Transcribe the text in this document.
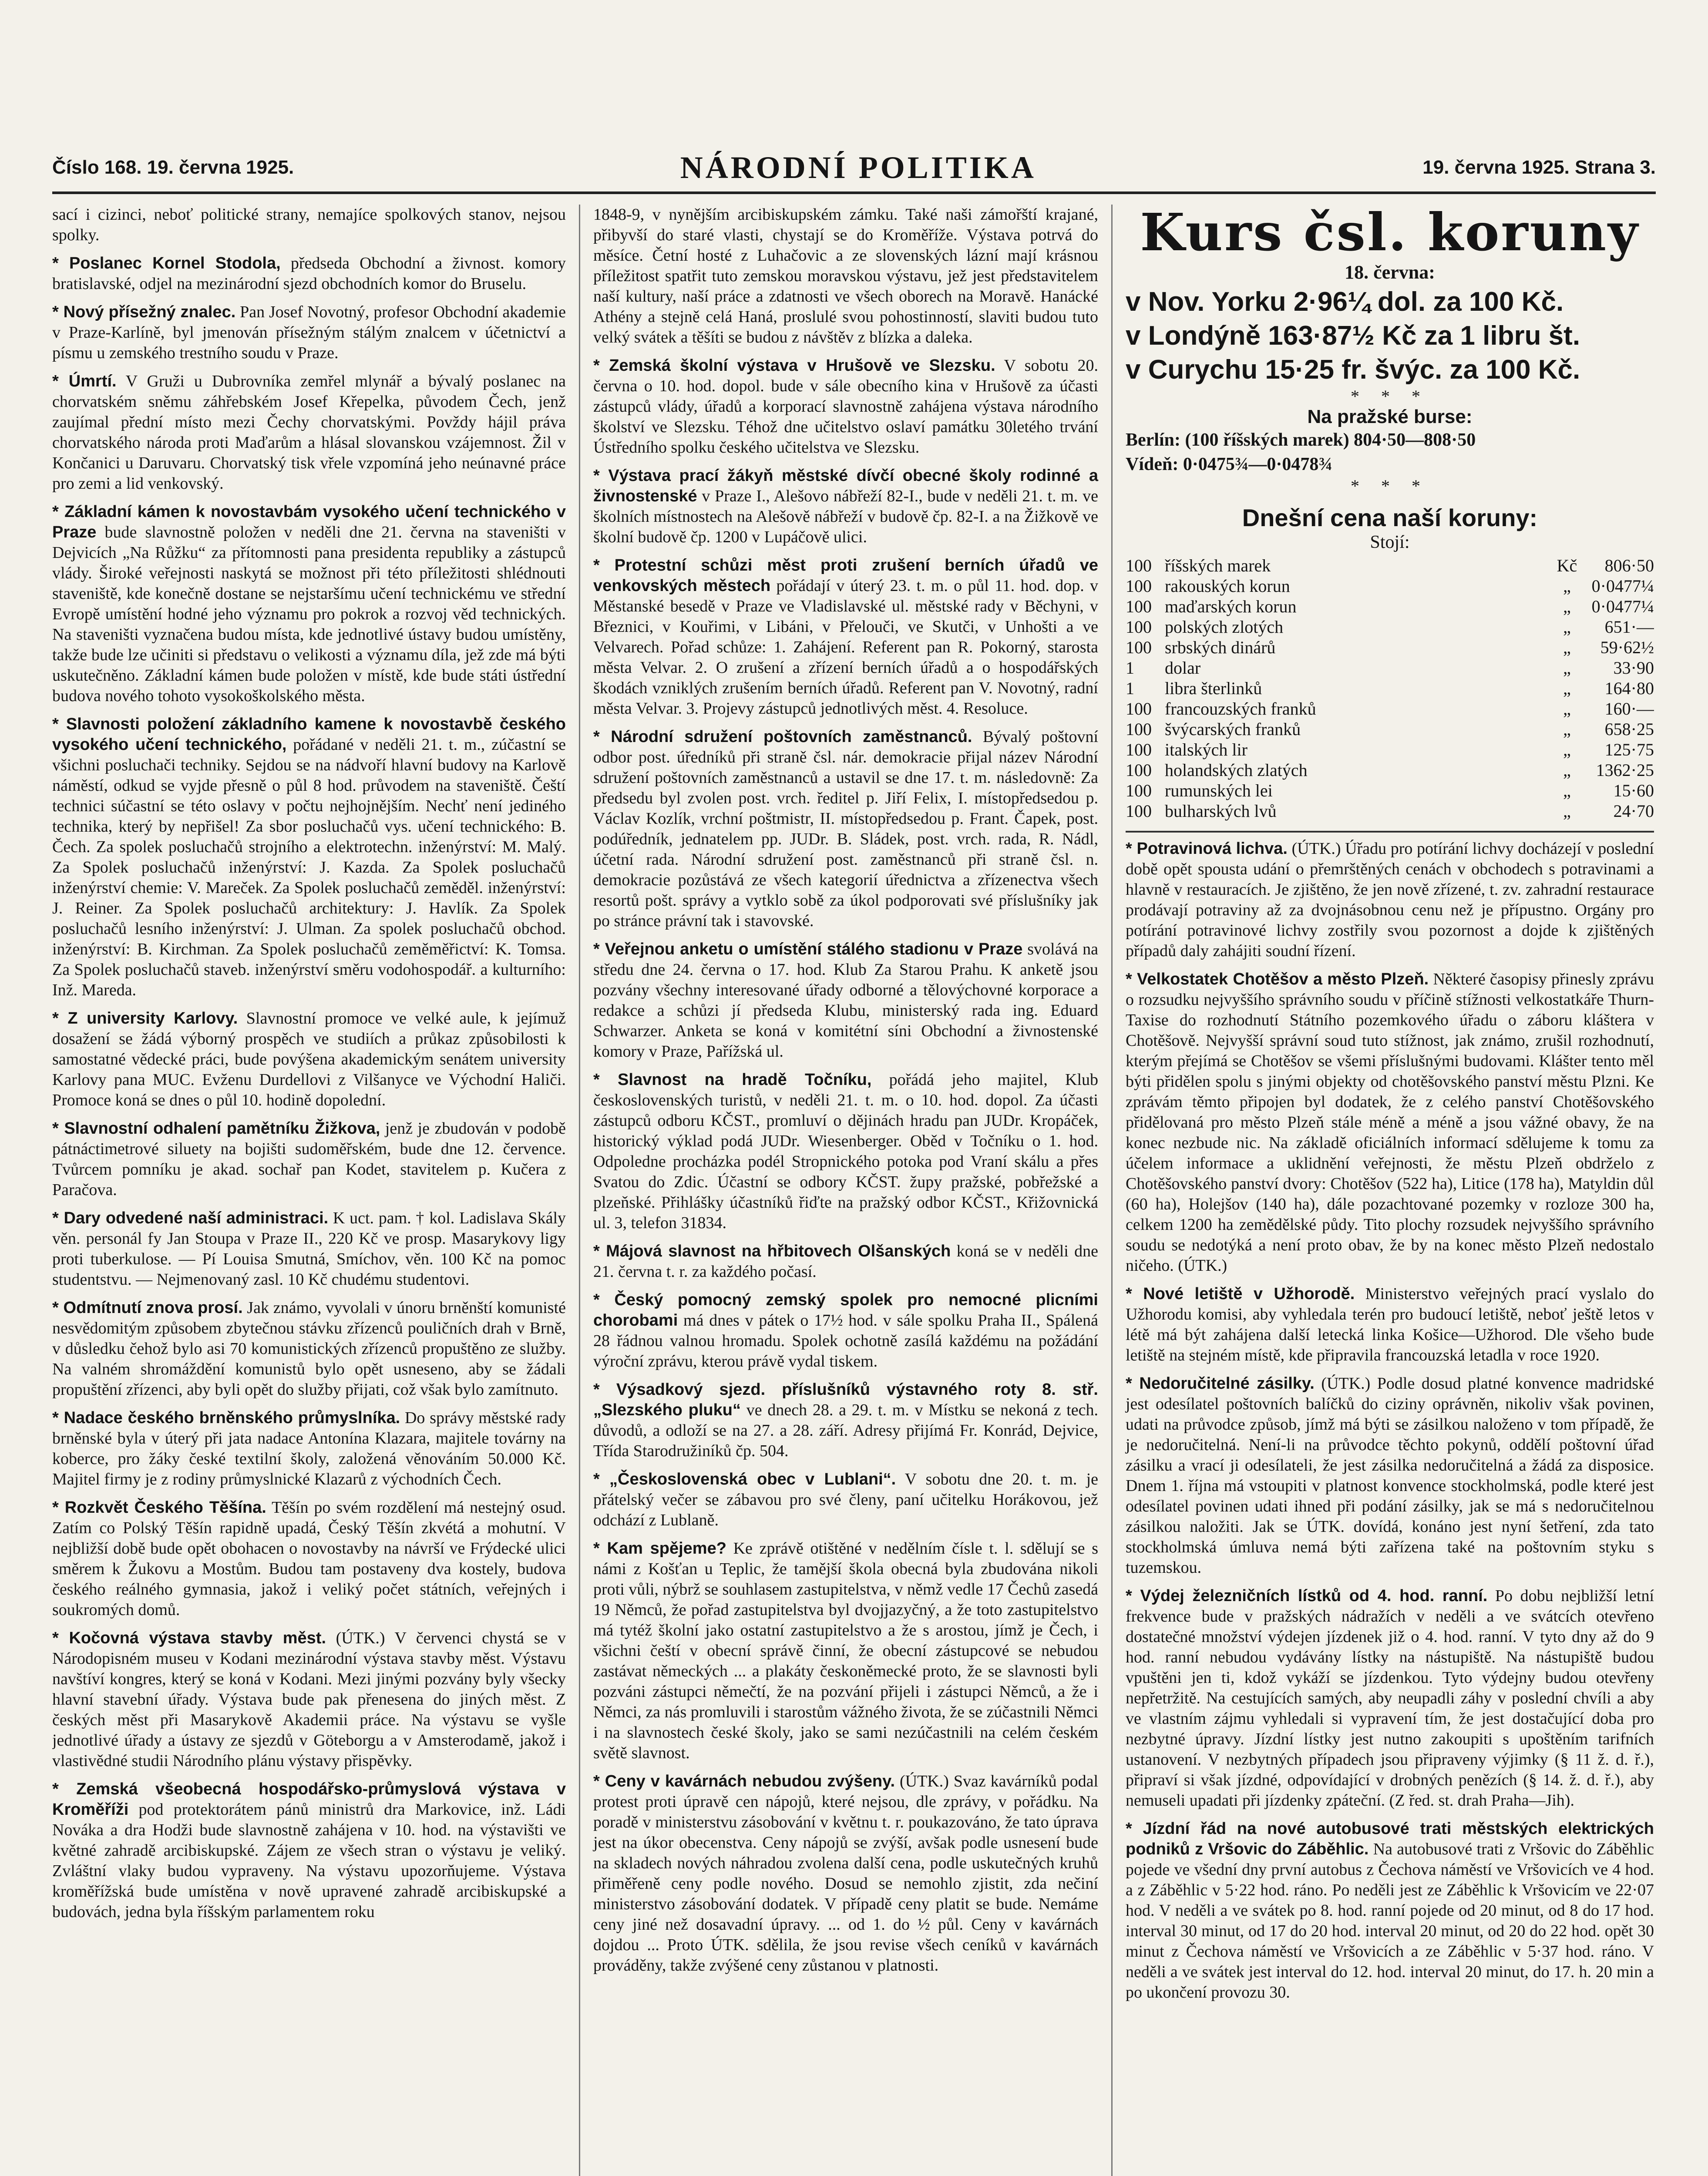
Číslo 168. 19. června 1925.	NÁRODNÍ POLITIKA	19. června 1925. Strana 3.

sací i cizinci, neboť politické strany, nemajíce spolkových stanov, nejsou spolky.

* Poslanec Kornel Stodola, předseda Obchodní a živnost. komory bratislavské, odjel na mezinárodní sjezd obchodních komor do Bruselu.

* Nový přísežný znalec. Pan Josef Novotný, profesor Obchodní akademie v Praze-Karlíně, byl jmenován přísežným stálým znalcem v účetnictví a písmu u zemského trestního soudu v Praze.

* Úmrtí. V Gruži u Dubrovníka zemřel mlynář a bývalý poslanec na chorvatském sněmu záhřebském Josef Křepelka, původem Čech, jenž zaujímal přední místo mezi Čechy chorvatskými. Povždy hájil práva chorvatského národa proti Maďarům a hlásal slovanskou vzájemnost. Žil v Končanici u Daruvaru. Chorvatský tisk vřele vzpomíná jeho neúnavné práce pro zemi a lid venkovský.

* Základní kámen k novostavbám vysokého učení technického v Praze bude slavnostně položen v neděli dne 21. června na staveništi v Dejvicích „Na Růžku“ za přítomnosti pana presidenta republiky a zástupců vlády. Široké veřejnosti naskytá se možnost při této příležitosti shlédnouti staveniště, kde konečně dostane se nejstaršímu učení technickému ve střední Evropě umístění hodné jeho významu pro pokrok a rozvoj věd technických. Na staveništi vyznačena budou místa, kde jednotlivé ústavy budou umístěny, takže bude lze učiniti si představu o velikosti a významu díla, jež zde má býti uskutečněno. Základní kámen bude položen v místě, kde bude státi ústřední budova nového tohoto vysokoškolského města.

* Slavnosti položení základního kamene k novostavbě českého vysokého učení technického, pořádané v neděli 21. t. m., zúčastní se všichni posluchači techniky. Sejdou se na nádvoří hlavní budovy na Karlově náměstí, odkud se vyjde přesně o půl 8 hod. průvodem na staveniště. Čeští technici súčastní se této oslavy v počtu nejhojnějším. Nechť není jediného technika, který by nepřišel! Za sbor posluchačů vys. učení technického: B. Čech. Za spolek posluchačů strojního a elektrotechn. inženýrství: M. Malý. Za Spolek posluchačů inženýrství: J. Kazda. Za Spolek posluchačů inženýrství chemie: V. Mareček. Za Spolek posluchačů zeměděl. inženýrství: J. Reiner. Za Spolek posluchačů architektury: J. Havlík. Za Spolek posluchačů lesního inženýrství: J. Ulman. Za spolek posluchačů obchod. inženýrství: B. Kirchman. Za Spolek posluchačů zeměměřictví: K. Tomsa. Za Spolek posluchačů staveb. inženýrství směru vodohospodář. a kulturního: Inž. Mareda.

* Z university Karlovy. Slavnostní promoce ve velké aule, k jejímuž dosažení se žádá výborný prospěch ve studiích a průkaz způsobilosti k samostatné vědecké práci, bude povýšena akademickým senátem university Karlovy pana MUC. Evženu Durdellovi z Vilšanyce ve Východní Haliči. Promoce koná se dnes o půl 10. hodině dopolední.

* Slavnostní odhalení pamětníku Žižkova, jenž je zbudován v podobě pátnáctimetrové siluety na bojišti sudoměřském, bude dne 12. července. Tvůrcem pomníku je akad. sochař pan Kodet, stavitelem p. Kučera z Paračova.

* Dary odvedené naší administraci. K uct. pam. † kol. Ladislava Skály věn. personál fy Jan Stoupa v Praze II., 220 Kč ve prosp. Masarykovy ligy proti tuberkulose. — Pí Louisa Smutná, Smíchov, věn. 100 Kč na pomoc studentstvu. — Nejmenovaný zasl. 10 Kč chudému studentovi.

* Odmítnutí znova prosí. Jak známo, vyvolali v únoru brněnští komunisté nesvědomitým způsobem zbytečnou stávku zřízenců pouličních drah v Brně, v důsledku čehož bylo asi 70 komunistických zřízenců propuštěno ze služby. Na valném shromáždění komunistů bylo opět usneseno, aby se žádali propuštění zřízenci, aby byli opět do služby přijati, což však bylo zamítnuto.

* Nadace českého brněnského průmyslníka. Do správy městské rady brněnské byla v úterý při jata nadace Antonína Klazara, majitele továrny na koberce, pro žáky české textilní školy, založená věnováním 50.000 Kč. Majitel firmy je z rodiny průmyslnické Klazarů z východních Čech.

* Rozkvět Českého Těšína. Těšín po svém rozdělení má nestejný osud. Zatím co Polský Těšín rapidně upadá, Český Těšín zkvétá a mohutní. V nejbližší době bude opět obohacen o novostavby na návrší ve Frýdecké ulici směrem k Žukovu a Mostům. Budou tam postaveny dva kostely, budova českého reálného gymnasia, jakož i veliký počet státních, veřejných i soukromých domů.

* Kočovná výstava stavby měst. (ÚTK.) V červenci chystá se v Národopisném museu v Kodani mezinárodní výstava stavby měst. Výstavu navštíví kongres, který se koná v Kodani. Mezi jinými pozvány byly všecky hlavní stavební úřady. Výstava bude pak přenesena do jiných měst. Z českých měst při Masarykově Akademii práce. Na výstavu se vyšle jednotlivé úřady a ústavy ze sjezdů v Göteborgu a v Amsterodamě, jakož i vlastivědné studii Národního plánu výstavy přispěvky.

* Zemská všeobecná hospodářsko-průmyslová výstava v Kroměříži pod protektorátem pánů ministrů dra Markovice, inž. Ládi Nováka a dra Hodži bude slavnostně zahájena v 10. hod. na výstavišti ve květné zahradě arcibiskupské. Zájem ze všech stran o výstavu je veliký. Zvláštní vlaky budou vypraveny. Na výstavu upozorňujeme. Výstava kroměřížská bude umístěna v nově upravené zahradě arcibiskupské a budovách, jedna byla říšským parlamentem roku

1848-9, v nynějším arcibiskupském zámku. Také naši zámořští krajané, přibyvší do staré vlasti, chystají se do Kroměříže. Výstava potrvá do měsíce. Četní hosté z Luhačovic a ze slovenských lázní mají krásnou příležitost spatřit tuto zemskou moravskou výstavu, jež jest představitelem naší kultury, naší práce a zdatnosti ve všech oborech na Moravě. Hanácké Athény a stejně celá Haná, proslulé svou pohostinností, slaviti budou tuto velký svátek a těšíti se budou z návštěv z blízka a daleka.

* Zemská školní výstava v Hrušově ve Slezsku. V sobotu 20. června o 10. hod. dopol. bude v sále obecního kina v Hrušově za účasti zástupců vlády, úřadů a korporací slavnostně zahájena výstava národního školství ve Slezsku. Téhož dne učitelstvo oslaví památku 30letého trvání Ústředního spolku českého učitelstva ve Slezsku.

* Výstava prací žákyň městské dívčí obecné školy rodinné a živnostenské v Praze I., Alešovo nábřeží 82-I., bude v neděli 21. t. m. ve školních místnostech na Alešově nábřeží v budově čp. 82-I. a na Žižkově ve školní budově čp. 1200 v Lupáčově ulici.

* Protestní schůzi měst proti zrušení berních úřadů ve venkovských městech pořádají v úterý 23. t. m. o půl 11. hod. dop. v Městanské besedě v Praze ve Vladislavské ul. městské rady v Běchyni, v Březnici, v Kouřimi, v Libáni, v Přelouči, ve Skutči, v Unhošti a ve Velvarech. Pořad schůze: 1. Zahájení. Referent pan R. Pokorný, starosta města Velvar. 2. O zrušení a zřízení berních úřadů a o hospodářských škodách vzniklých zrušením berních úřadů. Referent pan V. Novotný, radní města Velvar. 3. Projevy zástupců jednotlivých měst. 4. Resoluce.

* Národní sdružení poštovních zaměstnanců. Bývalý poštovní odbor post. úředníků při straně čsl. nár. demokracie přijal název Národní sdružení poštovních zaměstnanců a ustavil se dne 17. t. m. následovně: Za předsedu byl zvolen post. vrch. ředitel p. Jiří Felix, I. místopředsedou p. Václav Kozlík, vrchní poštmistr, II. místopředsedou p. Frant. Čapek, post. podúředník, jednatelem pp. JUDr. B. Sládek, post. vrch. rada, R. Nádl, účetní rada. Národní sdružení post. zaměstnanců při straně čsl. n. demokracie pozůstává ze všech kategorií úřednictva a zřízenectva všech resortů pošt. správy a vytklo sobě za úkol podporovati své příslušníky jak po stránce právní tak i stavovské.

* Veřejnou anketu o umístění stálého stadionu v Praze svolává na středu dne 24. června o 17. hod. Klub Za Starou Prahu. K anketě jsou pozvány všechny interesované úřady odborné a tělovýchovné korporace a redakce a schůzi jí předseda Klubu, ministerský rada ing. Eduard Schwarzer. Anketa se koná v komitétní síni Obchodní a živnostenské komory v Praze, Pařížská ul.

* Slavnost na hradě Točníku, pořádá jeho majitel, Klub československých turistů, v neděli 21. t. m. o 10. hod. dopol. Za účasti zástupců odboru KČST., promluví o dějinách hradu pan JUDr. Kropáček, historický výklad podá JUDr. Wiesenberger. Oběd v Točníku o 1. hod. Odpoledne procházka podél Stropnického potoka pod Vraní skálu a přes Svatou do Zdic. Účastní se odbory KČST. župy pražské, pobřežské a plzeňské. Přihlášky účastníků řiďte na pražský odbor KČST., Křižovnická ul. 3, telefon 31834.

* Májová slavnost na hřbitovech Olšanských koná se v neděli dne 21. června t. r. za každého počasí.

* Český pomocný zemský spolek pro nemocné plicními chorobami má dnes v pátek o 17½ hod. v sále spolku Praha II., Spálená 28 řádnou valnou hromadu. Spolek ochotně zasílá každému na požádání výroční zprávu, kterou právě vydal tiskem.

* Výsadkový sjezd. příslušníků výstavného roty 8. stř. „Slezského pluku“ ve dnech 28. a 29. t. m. v Místku se nekoná z tech. důvodů, a odloží se na 27. a 28. září. Adresy přijímá Fr. Konrád, Dejvice, Třída Starodružiníků čp. 504.

* „Československá obec v Lublani“. V sobotu dne 20. t. m. je přátelský večer se zábavou pro své členy, paní učitelku Horákovou, jež odchází z Lublaně.

* Kam spějeme? Ke zprávě otištěné v nedělním čísle t. l. sdělují se s námi z Košťan u Teplic, že tamější škola obecná byla zbudována nikoli proti vůli, nýbrž se souhlasem zastupitelstva, v němž vedle 17 Čechů zasedá 19 Němců, že pořad zastupitelstva byl dvojjazyčný, a že toto zastupitelstvo má tytéž školní jako ostatní zastupitelstvo a že s arostou, jímž je Čech, i všichni čeští v obecní správě činní, že obecní zástupcové se nebudou zastávat německých ... a plakáty českoněmecké proto, že se slavnosti byli pozváni zástupci němečtí, že na pozvání přijeli i zástupci Němců, a že i Němci, za nás promluvili i starostům vážného života, že se zúčastnili Němci i na slavnostech české školy, jako se sami nezúčastnili na celém českém světě slavnost.

* Ceny v kavárnách nebudou zvýšeny. (ÚTK.) Svaz kavárníků podal protest proti úpravě cen nápojů, které nejsou, dle zprávy, v pořádku. Na poradě v ministerstvu zásobování v květnu t. r. poukazováno, že tato úprava jest na úkor obecenstva. Ceny nápojů se zvýší, avšak podle usnesení bude na skladech nových náhradou zvolena další cena, podle uskutečných kruhů přiměřeně ceny podle nového. Dosud se nemohlo zjistit, zda nečiní ministerstvo zásobování dodatek. V případě ceny platit se bude. Nemáme ceny jiné než dosavadní úpravy. ... od 1. do ½ půl. Ceny v kavárnách dojdou ... Proto ÚTK. sdělila, že jsou revise všech ceníků v kavárnách prováděny, takže zvýšené ceny zůstanou v platnosti.

Kurs čsl. koruny
18. června:
v Nov. Yorku 2·96¼ dol. za 100 Kč.
v Londýně 163·87½ Kč za 1 libru št.
v Curychu 15·25 fr. švýc. za 100 Kč.
* * *
Na pražské burse:
Berlín: (100 říšských marek) 804·50—808·50
Vídeň: 0·0475¾—0·0478¾
* * *
Dnešní cena naší koruny:
Stojí:
100	říšských marek	Kč	806·50
100	rakouských korun	„	0·0477¼
100	maďarských korun	„	0·0477¼
100	polských zlotých	„	651·—
100	srbských dinárů	„	59·62½
1	dolar	„	33·90
1	libra šterlinků	„	164·80
100	francouzských franků	„	160·—
100	švýcarských franků	„	658·25
100	italských lir	„	125·75
100	holandských zlatých	„	1362·25
100	rumunských lei	„	15·60
100	bulharských lvů	„	24·70

* Potravinová lichva. (ÚTK.) Úřadu pro potírání lichvy docházejí v poslední době opět spousta udání o přemrštěných cenách v obchodech s potravinami a hlavně v restauracích. Je zjištěno, že jen nově zřízené, t. zv. zahradní restaurace prodávají potraviny až za dvojnásobnou cenu než je přípustno. Orgány pro potírání potravinové lichvy zostřily svou pozornost a dojde k zjištěných případů daly zahájiti soudní řízení.

* Velkostatek Chotěšov a město Plzeň. Některé časopisy přinesly zprávu o rozsudku nejvyššího správního soudu v příčině stížnosti velkostatkáře Thurn-Taxise do rozhodnutí Státního pozemkového úřadu o záboru kláštera v Chotěšově. Nejvyšší správní soud tuto stížnost, jak známo, zrušil rozhodnutí, kterým přejímá se Chotěšov se všemi příslušnými budovami. Klášter tento měl býti přidělen spolu s jinými objekty od chotěšovského panství městu Plzni. Ke zprávám těmto připojen byl dodatek, že z celého panství Chotěšovského přidělovaná pro město Plzeň stále méně a méně a jsou vážné obavy, že na konec nezbude nic. Na základě oficiálních informací sdělujeme k tomu za účelem informace a uklidnění veřejnosti, že městu Plzeň obdrželo z Chotěšovského panství dvory: Chotěšov (522 ha), Litice (178 ha), Matyldin důl (60 ha), Holejšov (140 ha), dále pozachtované pozemky v rozloze 300 ha, celkem 1200 ha zemědělské půdy. Tito plochy rozsudek nejvyššího správního soudu se nedotýká a není proto obav, že by na konec město Plzeň nedostalo ničeho. (ÚTK.)

* Nové letiště v Užhorodě. Ministerstvo veřejných prací vyslalo do Užhorodu komisi, aby vyhledala terén pro budoucí letiště, neboť ještě letos v létě má být zahájena další letecká linka Košice—Užhorod. Dle všeho bude letiště na stejném místě, kde připravila francouzská letadla v roce 1920.

* Nedoručitelné zásilky. (ÚTK.) Podle dosud platné konvence madridské jest odesílatel poštovních balíčků do ciziny oprávněn, nikoliv však povinen, udati na průvodce způsob, jímž má býti se zásilkou naloženo v tom případě, že je nedoručitelná. Není-li na průvodce těchto pokynů, oddělí poštovní úřad zásilku a vrací ji odesílateli, že jest zásilka nedoručitelná a žádá za disposice. Dnem 1. října má vstoupiti v platnost konvence stockholmská, podle které jest odesílatel povinen udati ihned při podání zásilky, jak se má s nedoručitelnou zásilkou naložiti. Jak se ÚTK. dovídá, konáno jest nyní šetření, zda tato stockholmská úmluva nemá býti zařízena také na poštovním styku s tuzemskou.

* Výdej železničních lístků od 4. hod. ranní. Po dobu nejbližší letní frekvence bude v pražských nádražích v neděli a ve svátcích otevřeno dostatečné množství výdejen jízdenek již o 4. hod. ranní. V tyto dny až do 9 hod. ranní nebudou vydávány lístky na nástupiště. Na nástupiště budou vpuštěni jen ti, kdož vykáží se jízdenkou. Tyto výdejny budou otevřeny nepřetržitě. Na cestujících samých, aby neupadli záhy v poslední chvíli a aby ve vlastním zájmu vyhledali si vypravení tím, že jest dostačující doba pro nezbytné úpravy. Jízdní lístky jest nutno zakoupiti s upoštěním tarifních ustanovení. V nezbytných případech jsou připraveny výjimky (§ 11 ž. d. ř.), připraví si však jízdné, odpovídající v drobných penězích (§ 14. ž. d. ř.), aby nemuseli upadati při jízdenky zpáteční. (Z řed. st. drah Praha—Jih).

* Jízdní řád na nové autobusové trati městských elektrických podniků z Vršovic do Záběhlic. Na autobusové trati z Vršovic do Záběhlic pojede ve všední dny první autobus z Čechova náměstí ve Vršovicích ve 4 hod. a z Záběhlic v 5·22 hod. ráno. Po neděli jest ze Záběhlic k Vršovicím ve 22·07 hod. V neděli a ve svátek po 8. hod. ranní pojede od 20 minut, od 8 do 17 hod. interval 30 minut, od 17 do 20 hod. interval 20 minut, od 20 do 22 hod. opět 30 minut z Čechova náměstí ve Vršovicích a ze Záběhlic v 5·37 hod. ráno. V neděli a ve svátek jest interval do 12. hod. interval 20 minut, do 17. h. 20 min a po ukončení provozu 30.
